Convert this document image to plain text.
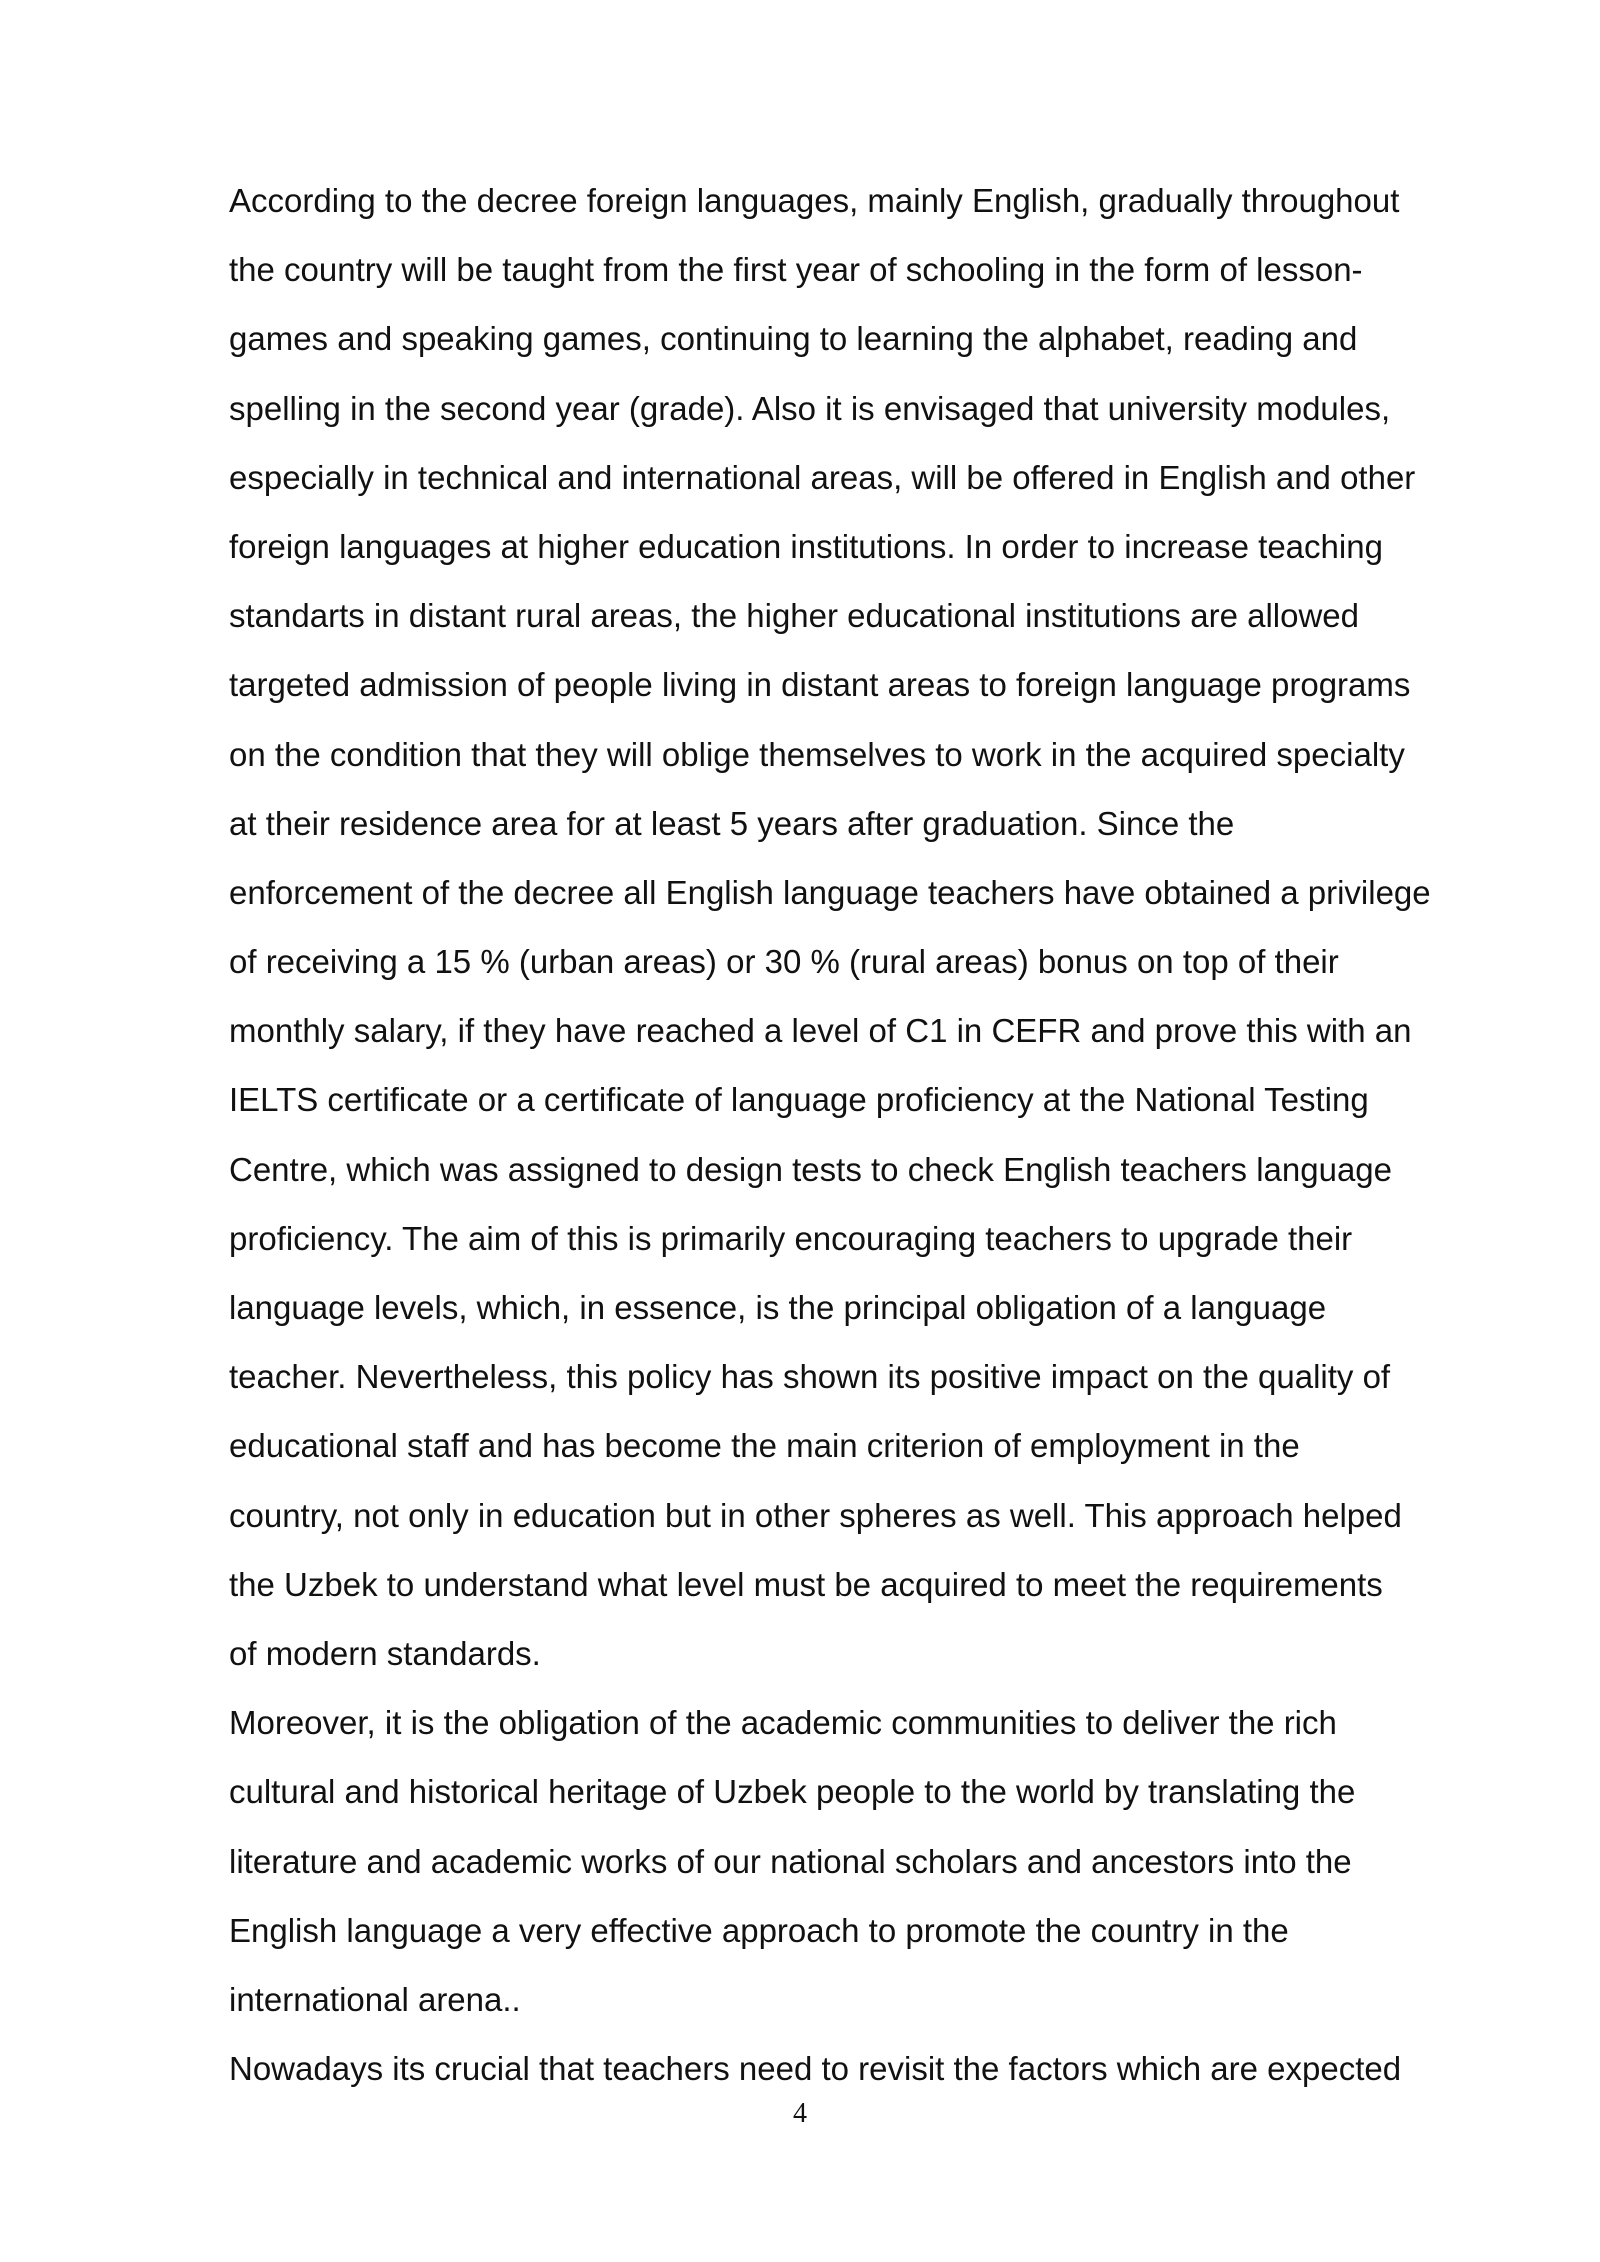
According to the decree foreign languages, mainly English, gradually throughout
the country will be taught from the first year of schooling in the form of lesson-
games and speaking games, continuing to learning the alphabet, reading and
spelling in the second year (grade). Also it is envisaged that university modules,
especially in technical and international areas, will be offered in English and other
foreign languages at higher education institutions. In order to increase teaching
standarts in distant rural areas, the higher educational institutions are allowed
targeted admission of people living in distant areas to foreign language programs
on the condition that they will oblige themselves to work in the acquired specialty
at their residence area for at least 5 years after graduation. Since the
enforcement of the decree all English language teachers have obtained a privilege
of receiving a 15 % (urban areas) or 30 % (rural areas) bonus on top of their
monthly salary, if they have reached a level of C1 in CEFR and prove this with an
IELTS certificate or a certificate of language proficiency at the National Testing
Centre, which was assigned to design tests to check English teachers language
proficiency. The aim of this is primarily encouraging teachers to upgrade their
language levels, which, in essence, is the principal obligation of a language
teacher. Nevertheless, this policy has shown its positive impact on the quality of
educational staff and has become the main criterion of employment in the
country, not only in education but in other spheres as well. This approach helped
the Uzbek to understand what level must be acquired to meet the requirements
of modern standards.
Moreover, it is the obligation of the academic communities to deliver the rich
cultural and historical heritage of Uzbek people to the world by translating the
literature and academic works of our national scholars and ancestors into the
English language a very effective approach to promote the country in the
international arena..
Nowadays its crucial that teachers need to revisit the factors which are expected
4
